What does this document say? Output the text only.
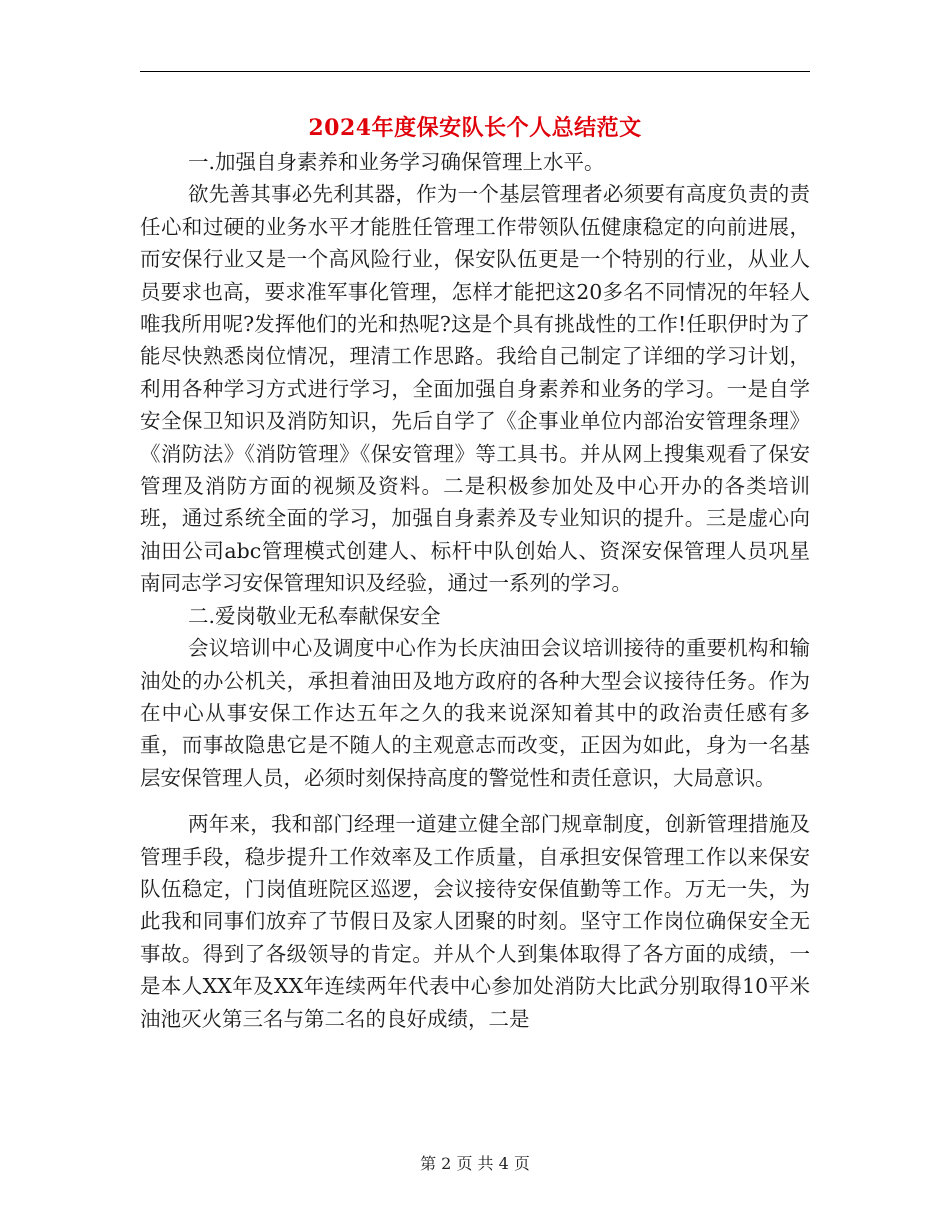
2024年度保安队长个人总结范文

一.加强自身素养和业务学习确保管理上水平。

欲先善其事必先利其器，作为一个基层管理者必须要有高度负责的责任心和过硬的业务水平才能胜任管理工作带领队伍健康稳定的向前进展，而安保行业又是一个高风险行业，保安队伍更是一个特别的行业，从业人员要求也高，要求准军事化管理，怎样才能把这20多名不同情况的年轻人唯我所用呢?发挥他们的光和热呢?这是个具有挑战性的工作!任职伊时为了能尽快熟悉岗位情况，理清工作思路。我给自己制定了详细的学习计划，利用各种学习方式进行学习，全面加强自身素养和业务的学习。一是自学安全保卫知识及消防知识，先后自学了《企事业单位内部治安管理条理》《消防法》《消防管理》《保安管理》等工具书。并从网上搜集观看了保安管理及消防方面的视频及资料。二是积极参加处及中心开办的各类培训班，通过系统全面的学习，加强自身素养及专业知识的提升。三是虚心向油田公司abc管理模式创建人、标杆中队创始人、资深安保管理人员巩星南同志学习安保管理知识及经验，通过一系列的学习。

二.爱岗敬业无私奉献保安全

会议培训中心及调度中心作为长庆油田会议培训接待的重要机构和输油处的办公机关，承担着油田及地方政府的各种大型会议接待任务。作为在中心从事安保工作达五年之久的我来说深知着其中的政治责任感有多重，而事故隐患它是不随人的主观意志而改变，正因为如此，身为一名基层安保管理人员，必须时刻保持高度的警觉性和责任意识，大局意识。

两年来，我和部门经理一道建立健全部门规章制度，创新管理措施及管理手段，稳步提升工作效率及工作质量，自承担安保管理工作以来保安队伍稳定，门岗值班院区巡逻，会议接待安保值勤等工作。万无一失，为此我和同事们放弃了节假日及家人团聚的时刻。坚守工作岗位确保安全无事故。得到了各级领导的肯定。并从个人到集体取得了各方面的成绩，一是本人XX年及XX年连续两年代表中心参加处消防大比武分别取得10平米油池灭火第三名与第二名的良好成绩，二是

第 2 页 共 4 页
